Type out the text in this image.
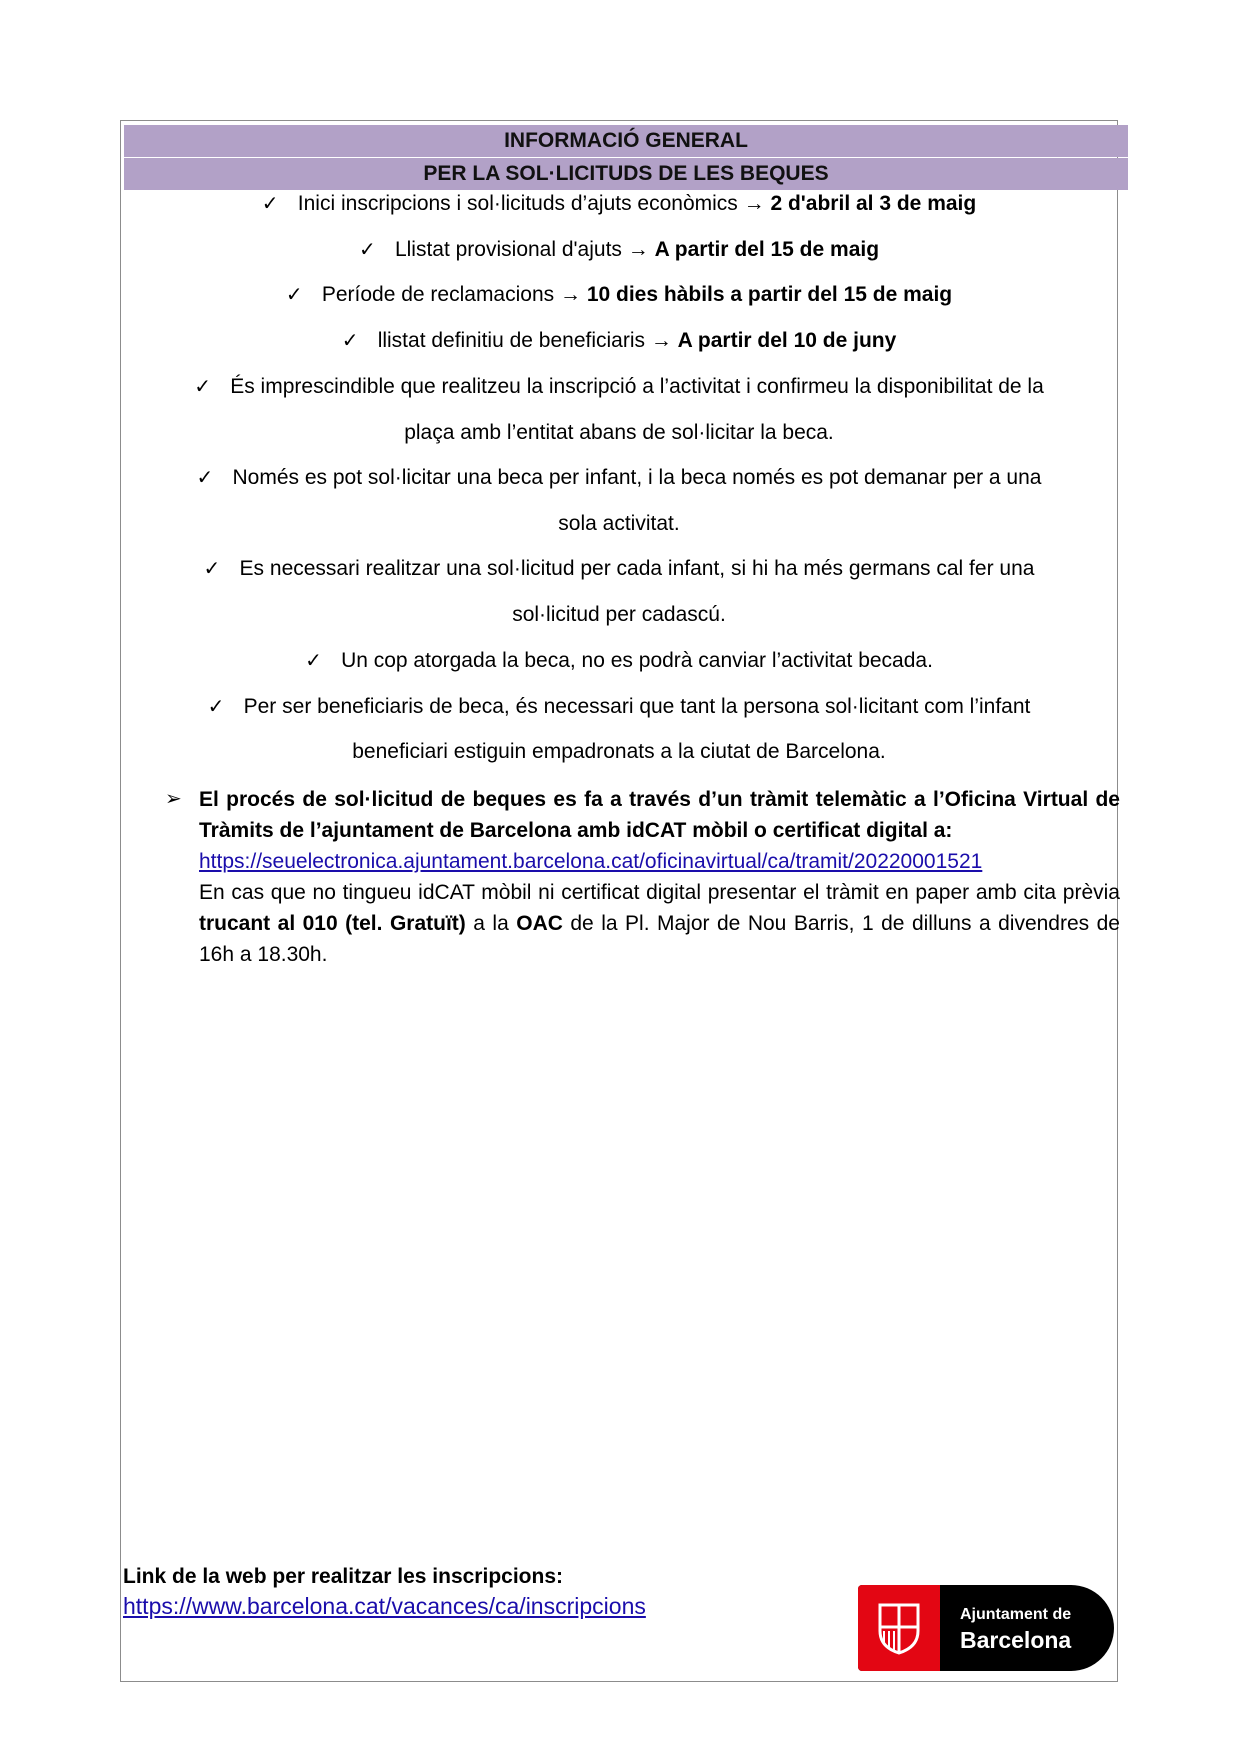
INFORMACIÓ GENERAL
PER LA SOL·LICITUDS DE LES BEQUES
✓ Inici inscripcions i sol·licituds d’ajuts econòmics → 2 d'abril al 3 de maig
✓ Llistat provisional d'ajuts → A partir del 15 de maig
✓ Període de reclamacions → 10 dies hàbils a partir del 15 de maig
✓ llistat definitiu de beneficiaris → A partir del 10 de juny
✓ És imprescindible que realitzeu la inscripció a l’activitat i confirmeu la disponibilitat de la
plaça amb l’entitat abans de sol·licitar la beca.
✓ Només es pot sol·licitar una beca per infant, i la beca només es pot demanar per a una
sola activitat.
✓ Es necessari realitzar una sol·licitud per cada infant, si hi ha més germans cal fer una
sol·licitud per cadascú.
✓ Un cop atorgada la beca, no es podrà canviar l’activitat becada.
✓ Per ser beneficiaris de beca, és necessari que tant la persona sol·licitant com l’infant
beneficiari estiguin empadronats a la ciutat de Barcelona.
➢ El procés de sol·licitud de beques es fa a través d’un tràmit telemàtic a l’Oficina Virtual de Tràmits de l’ajuntament de Barcelona amb idCAT mòbil o certificat digital a:
https://seuelectronica.ajuntament.barcelona.cat/oficinavirtual/ca/tramit/20220001521
En cas que no tingueu idCAT mòbil ni certificat digital presentar el tràmit en paper amb cita prèvia trucant al 010 (tel. Gratuït) a la OAC de la Pl. Major de Nou Barris, 1 de dilluns a divendres de 16h a 18.30h.
Link de la web per realitzar les inscripcions:
https://www.barcelona.cat/vacances/ca/inscripcions	Ajuntament de
Barcelona
